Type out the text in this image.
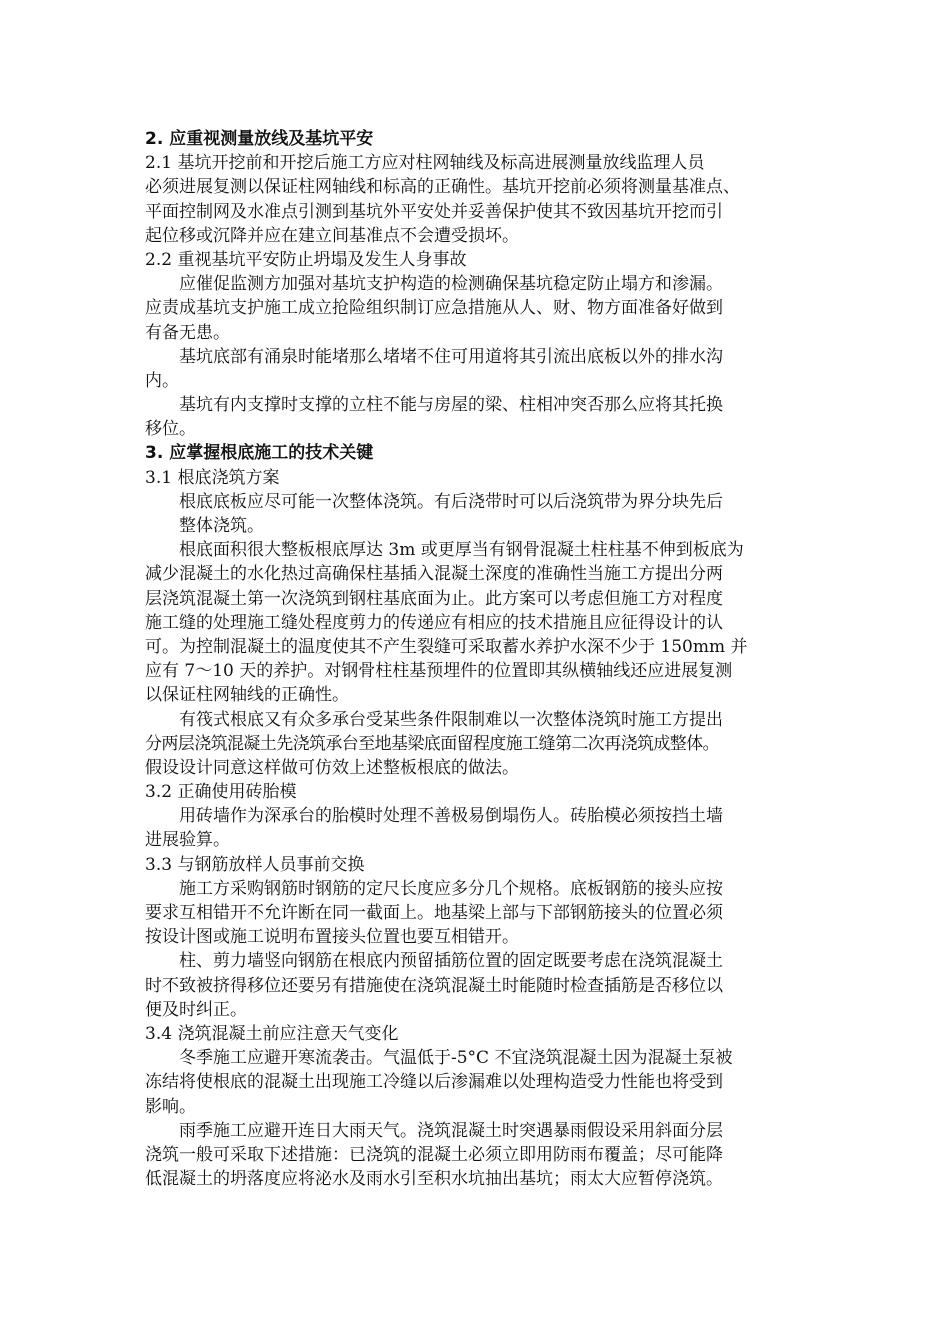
2. 应重视测量放线及基坑平安
2.1 基坑开挖前和开挖后施工方应对柱网轴线及标高进展测量放线监理人员
必须进展复测以保证柱网轴线和标高的正确性。基坑开挖前必须将测量基准点、
平面控制网及水准点引测到基坑外平安处并妥善保护使其不致因基坑开挖而引
起位移或沉降并应在建立间基准点不会遭受损坏。
2.2 重视基坑平安防止坍塌及发生人身事故
应催促监测方加强对基坑支护构造的检测确保基坑稳定防止塌方和渗漏。
应责成基坑支护施工成立抢险组织制订应急措施从人、财、物方面准备好做到
有备无患。
基坑底部有涌泉时能堵那么堵堵不住可用道将其引流出底板以外的排水沟
内。
基坑有内支撑时支撑的立柱不能与房屋的梁、柱相冲突否那么应将其托换
移位。
3. 应掌握根底施工的技术关键
3.1 根底浇筑方案
根底底板应尽可能一次整体浇筑。有后浇带时可以后浇筑带为界分块先后
整体浇筑。
根底面积很大整板根底厚达 3m 或更厚当有钢骨混凝土柱柱基不伸到板底为
减少混凝土的水化热过高确保柱基插入混凝土深度的准确性当施工方提出分两
层浇筑混凝土第一次浇筑到钢柱基底面为止。此方案可以考虑但施工方对程度
施工缝的处理施工缝处程度剪力的传递应有相应的技术措施且应征得设计的认
可。为控制混凝土的温度使其不产生裂缝可采取蓄水养护水深不少于 150mm 并
应有 7～10 天的养护。对钢骨柱柱基预埋件的位置即其纵横轴线还应进展复测
以保证柱网轴线的正确性。
有筏式根底又有众多承台受某些条件限制难以一次整体浇筑时施工方提出
分两层浇筑混凝土先浇筑承台至地基梁底面留程度施工缝第二次再浇筑成整体。
假设设计同意这样做可仿效上述整板根底的做法。
3.2 正确使用砖胎模
用砖墙作为深承台的胎模时处理不善极易倒塌伤人。砖胎模必须按挡土墙
进展验算。
3.3 与钢筋放样人员事前交换
施工方采购钢筋时钢筋的定尺长度应多分几个规格。底板钢筋的接头应按
要求互相错开不允许断在同一截面上。地基梁上部与下部钢筋接头的位置必须
按设计图或施工说明布置接头位置也要互相错开。
柱、剪力墙竖向钢筋在根底内预留插筋位置的固定既要考虑在浇筑混凝土
时不致被挤得移位还要另有措施使在浇筑混凝土时能随时检查插筋是否移位以
便及时纠正。
3.4 浇筑混凝土前应注意天气变化
冬季施工应避开寒流袭击。气温低于-5°C 不宜浇筑混凝土因为混凝土泵被
冻结将使根底的混凝土出现施工冷缝以后渗漏难以处理构造受力性能也将受到
影响。
雨季施工应避开连日大雨天气。浇筑混凝土时突遇暴雨假设采用斜面分层
浇筑一般可采取下述措施：已浇筑的混凝土必须立即用防雨布覆盖；尽可能降
低混凝土的坍落度应将泌水及雨水引至积水坑抽出基坑；雨太大应暂停浇筑。
